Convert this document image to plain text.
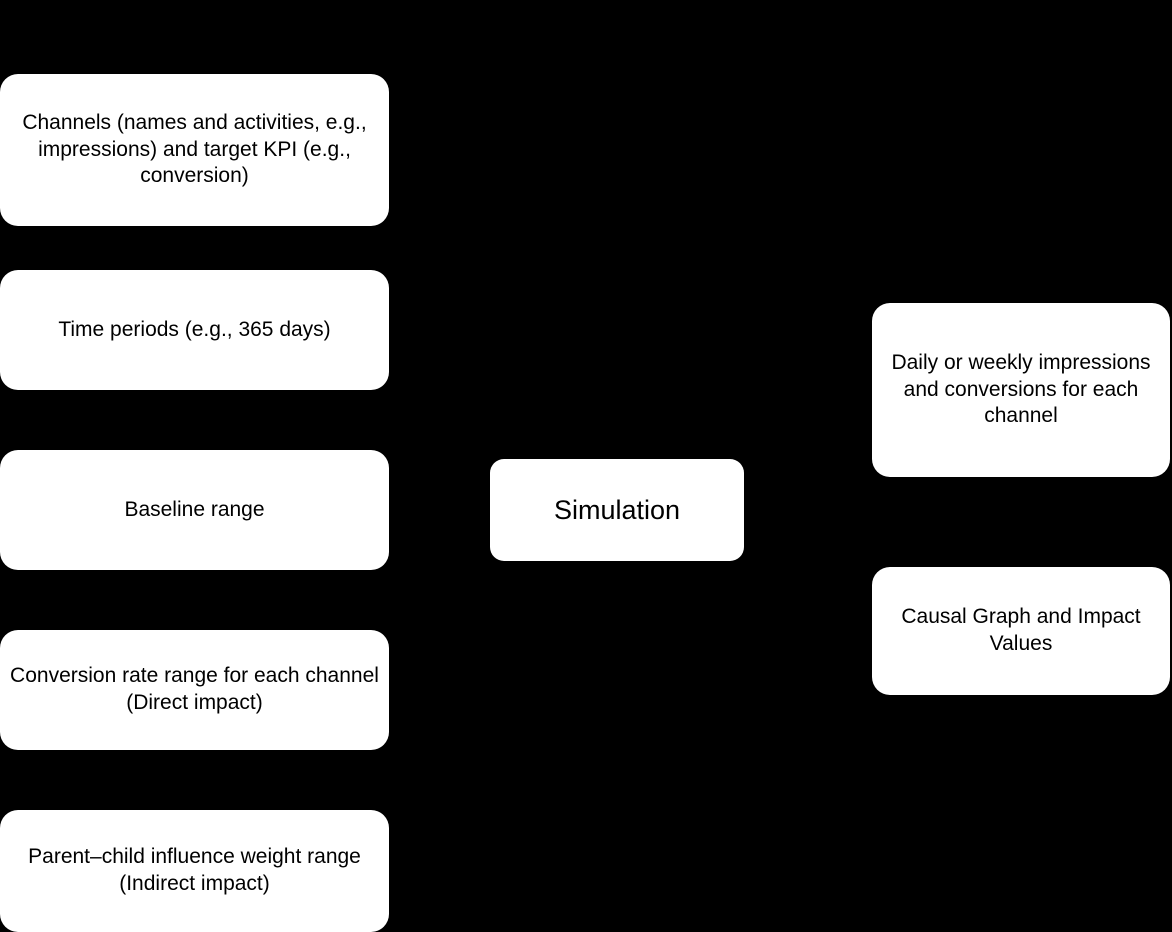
Channels (names and activities, e.g., impressions) and target KPI (e.g., conversion)
Time periods (e.g., 365 days)
Baseline range
Conversion rate range for each channel (Direct impact)
Parent–child influence weight range (Indirect impact)
Simulation
Daily or weekly impressions and conversions for each channel
Causal Graph and Impact Values
